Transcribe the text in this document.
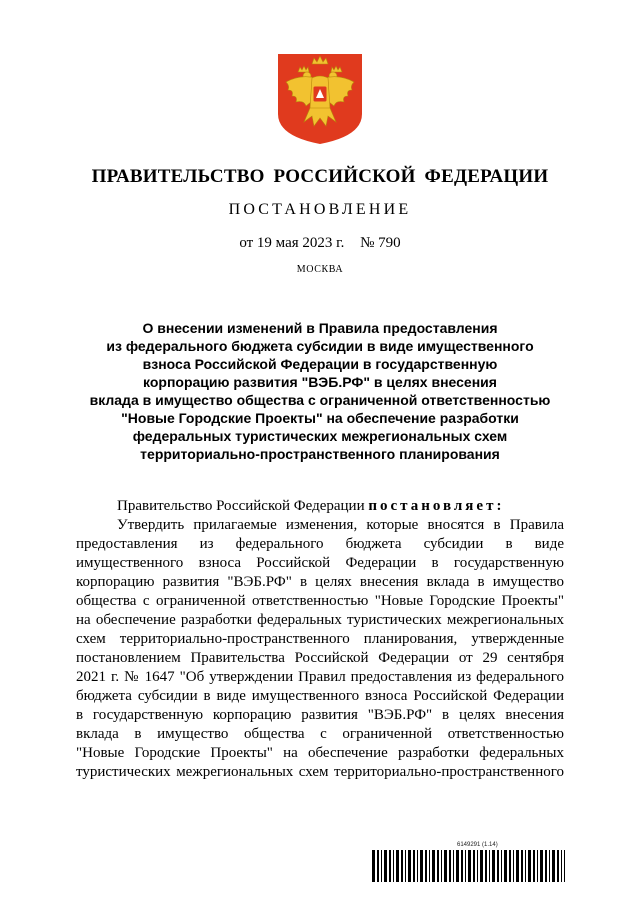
ПРАВИТЕЛЬСТВО РОССИЙСКОЙ ФЕДЕРАЦИИ
ПОСТАНОВЛЕНИЕ
от 19 мая 2023 г. № 790
МОСКВА
О внесении изменений в Правила предоставления
из федерального бюджета субсидии в виде имущественного
взноса Российской Федерации в государственную
корпорацию развития "ВЭБ.РФ" в целях внесения
вклада в имущество общества с ограниченной ответственностью
"Новые Городские Проекты" на обеспечение разработки
федеральных туристических межрегиональных схем
территориально-пространственного планирования
Правительство Российской Федерации постановляет:
Утвердить прилагаемые изменения, которые вносятся в Правила
предоставления из федерального бюджета субсидии в виде
имущественного взноса Российской Федерации в государственную
корпорацию развития "ВЭБ.РФ" в целях внесения вклада в имущество
общества с ограниченной ответственностью "Новые Городские Проекты"
на обеспечение разработки федеральных туристических межрегиональных
схем территориально-пространственного планирования, утвержденные
постановлением Правительства Российской Федерации от 29 сентября
2021 г. № 1647 "Об утверждении Правил предоставления из федерального
бюджета субсидии в виде имущественного взноса Российской Федерации
в государственную корпорацию развития "ВЭБ.РФ" в целях внесения
вклада в имущество общества с ограниченной ответственностью
"Новые Городские Проекты" на обеспечение разработки федеральных
туристических межрегиональных схем территориально-пространственного
6149291 (1.14)
